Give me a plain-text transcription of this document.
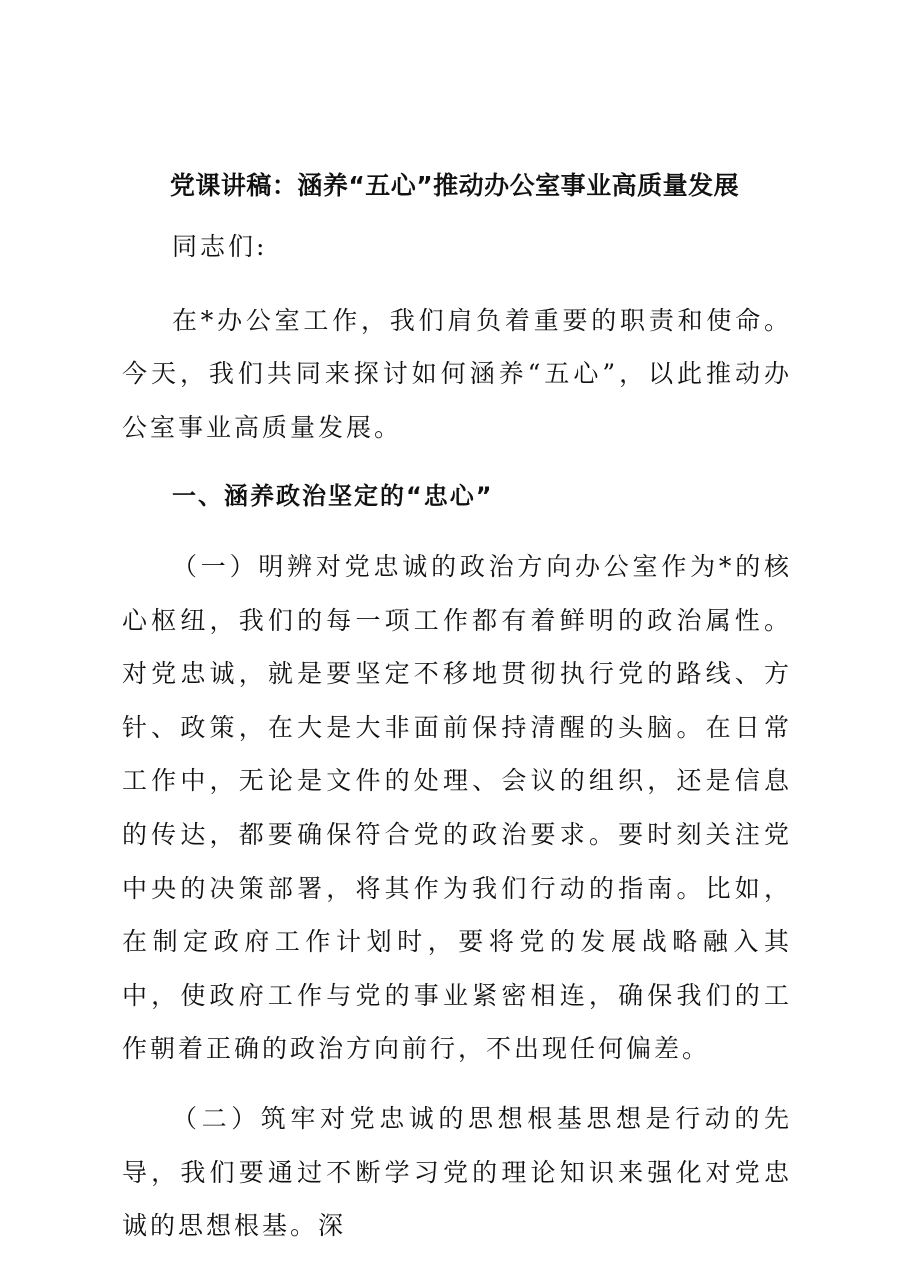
党课讲稿：涵养“五心”推动办公室事业高质量发展

同志们:

在*办公室工作，我们肩负着重要的职责和使命。今天，我们共同来探讨如何涵养“五心”，以此推动办公室事业高质量发展。

一、涵养政治坚定的“忠心”

（一）明辨对党忠诚的政治方向办公室作为*的核心枢纽，我们的每一项工作都有着鲜明的政治属性。对党忠诚，就是要坚定不移地贯彻执行党的路线、方针、政策，在大是大非面前保持清醒的头脑。在日常工作中，无论是文件的处理、会议的组织，还是信息的传达，都要确保符合党的政治要求。要时刻关注党中央的决策部署，将其作为我们行动的指南。比如，在制定政府工作计划时，要将党的发展战略融入其中，使政府工作与党的事业紧密相连，确保我们的工作朝着正确的政治方向前行，不出现任何偏差。

（二）筑牢对党忠诚的思想根基思想是行动的先导，我们要通过不断学习党的理论知识来强化对党忠诚的思想根基。深
